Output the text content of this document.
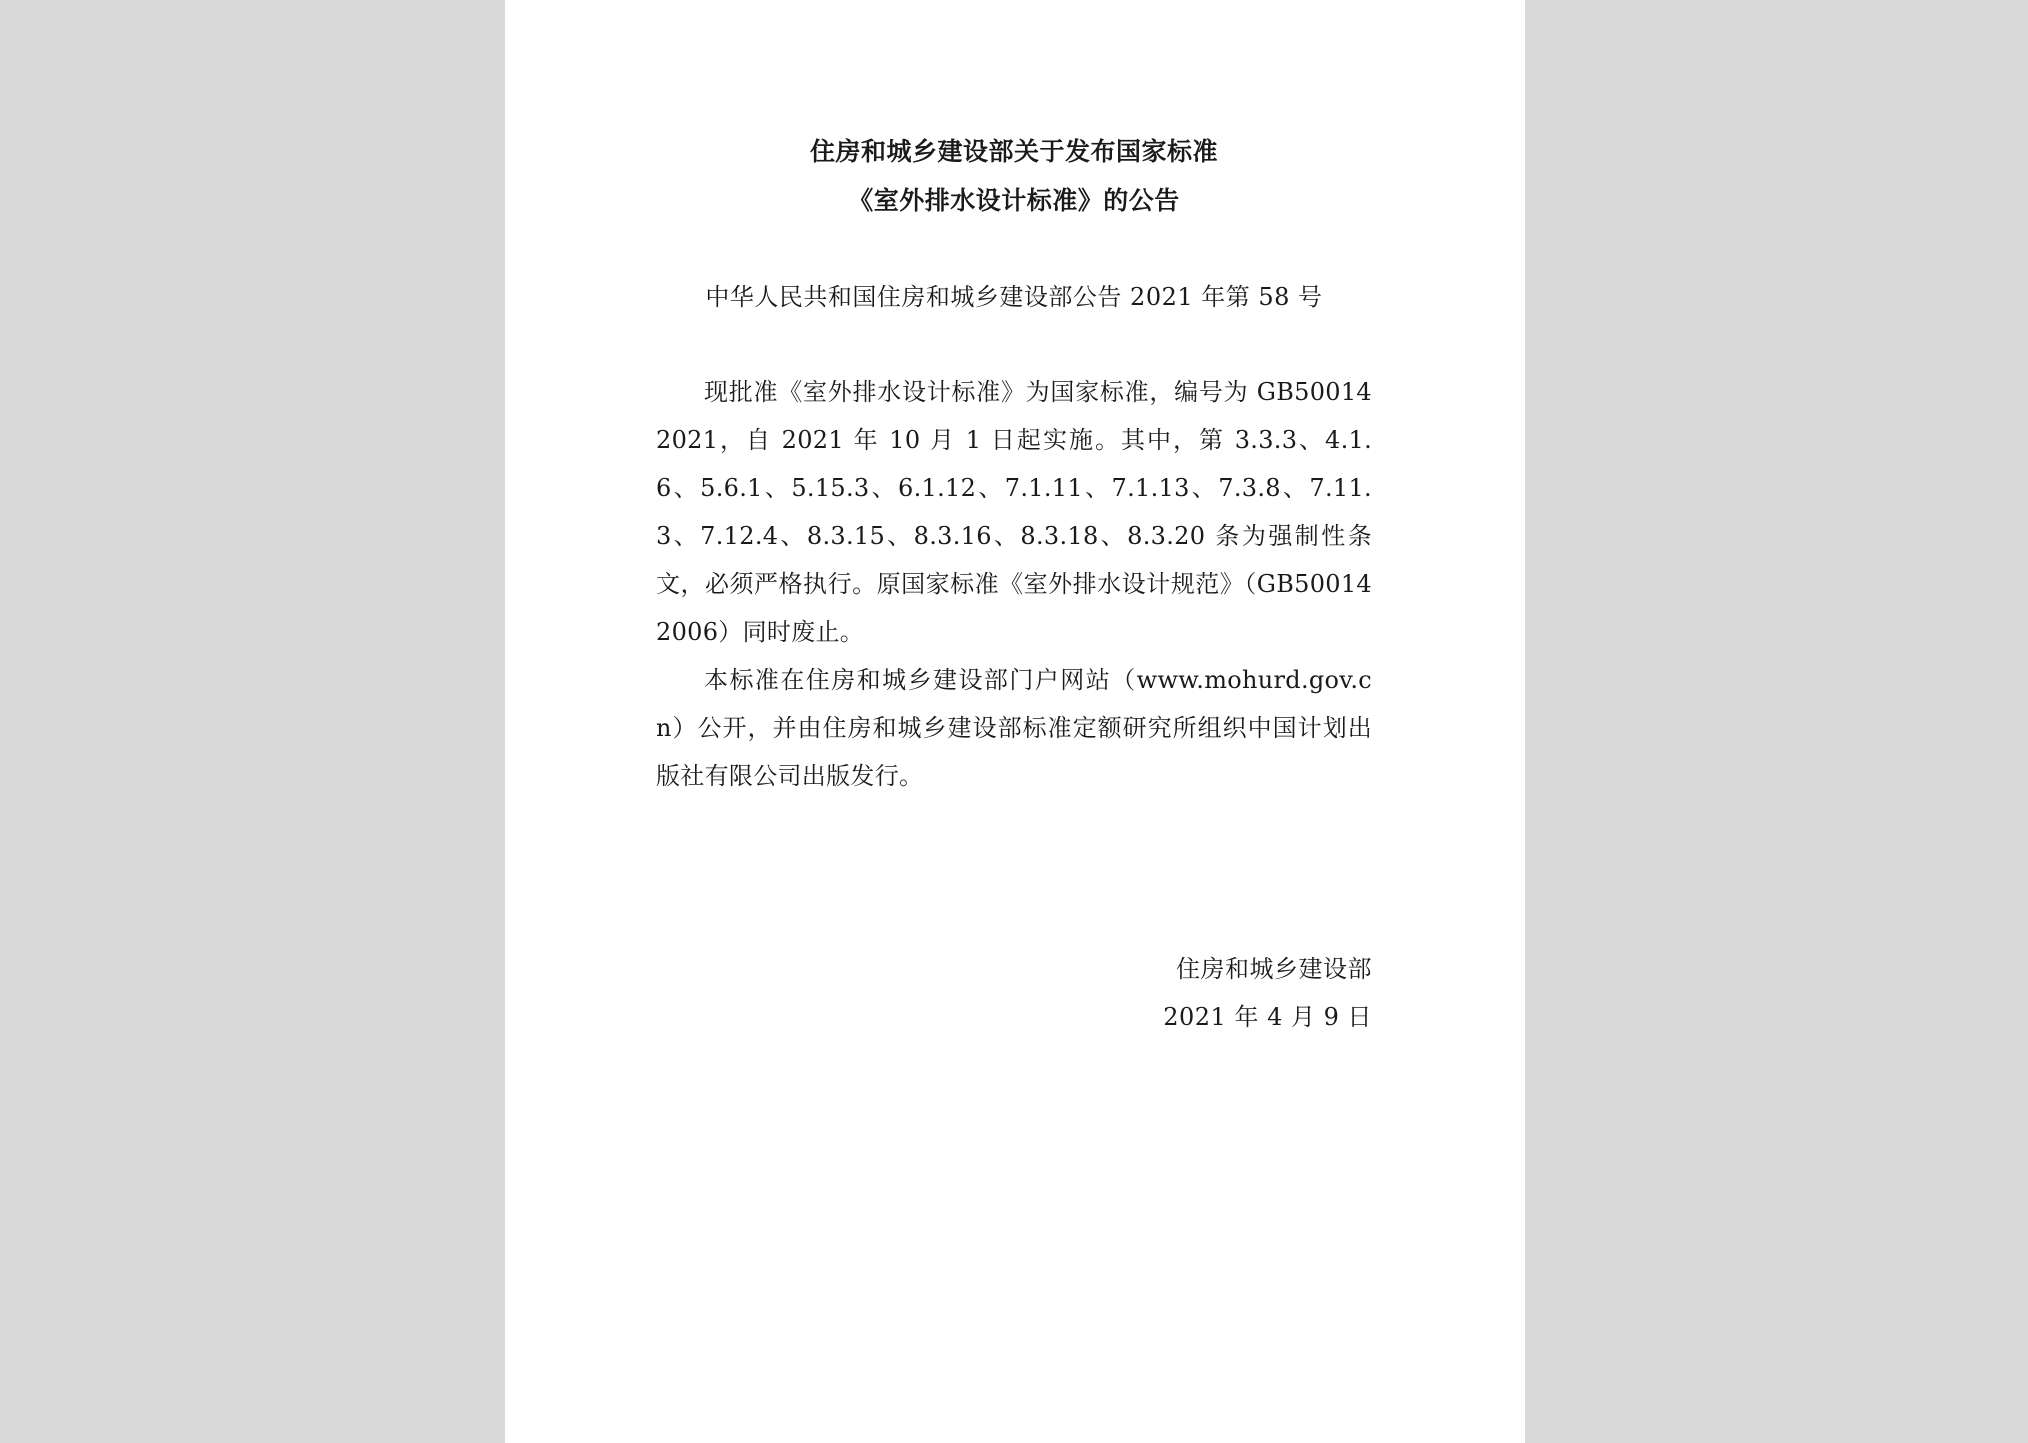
住房和城乡建设部关于发布国家标准
《室外排水设计标准》的公告
中华人民共和国住房和城乡建设部公告 2021 年第 58 号

现批准《室外排水设计标准》为国家标准，编号为 GB50014 2021，自 2021 年 10 月 1 日起实施。其中，第 3.3.3、4.1.6、5.6.1、5.15.3、6.1.12、7.1.11、7.1.13、7.3.8、7.11.3、7.12.4、8.3.15、8.3.16、8.3.18、8.3.20 条为强制性条文，必须严格执行。原国家标准《室外排水设计规范》（GB50014 2006）同时废止。

本标准在住房和城乡建设部门户网站（www.mohurd.gov.cn）公开，并由住房和城乡建设部标准定额研究所组织中国计划出版社有限公司出版发行。

住房和城乡建设部
2021 年 4 月 9 日
